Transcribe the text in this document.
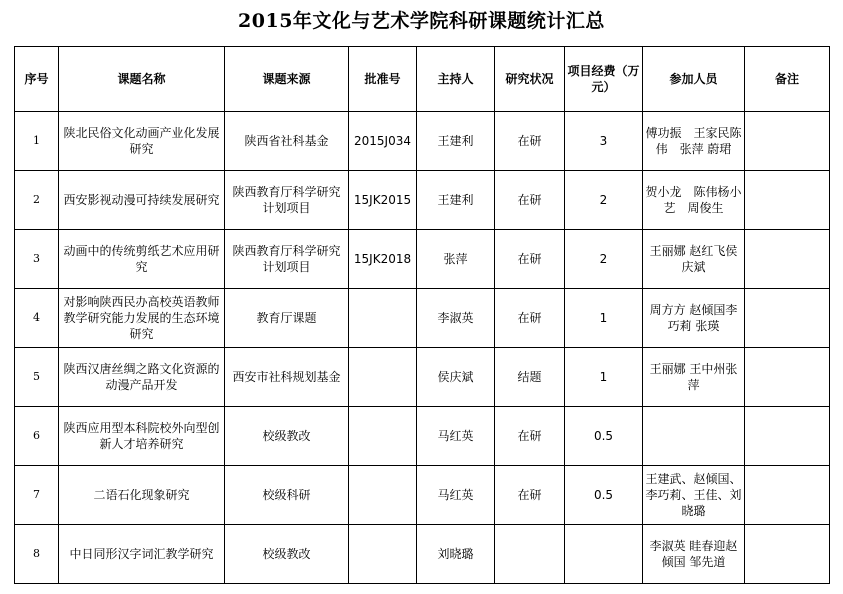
2015年文化与艺术学院科研课题统计汇总
序号	课题名称	课题来源	批准号	主持人	研究状况	项目经费（万元）	参加人员	备注
1	陕北民俗文化动画产业化发展研究	陕西省社科基金	2015J034	王建利	在研	3	傅功振　王家民陈伟　张萍 蔚珺	
2	西安影视动漫可持续发展研究	陕西教育厅科学研究计划项目	15JK2015	王建利	在研	2	贺小龙　陈伟杨小艺　周俊生	
3	动画中的传统剪纸艺术应用研究	陕西教育厅科学研究计划项目	15JK2018	张萍	在研	2	王丽娜 赵红飞侯庆斌	
4	对影响陕西民办高校英语教师教学研究能力发展的生态环境研究	教育厅课题		李淑英	在研	1	周方方 赵倾国李巧莉 张瑛	
5	陕西汉唐丝绸之路文化资源的动漫产品开发	西安市社科规划基金		侯庆斌	结题	1	王丽娜 王中州张萍	
6	陕西应用型本科院校外向型创新人才培养研究	校级教改		马红英	在研	0.5		
7	二语石化现象研究	校级科研		马红英	在研	0.5	王建武、赵倾国、李巧莉、王佳、刘晓璐	
8	中日同形汉字词汇教学研究	校级教改		刘晓璐			李淑英 眭春迎赵倾国 邹先道	
